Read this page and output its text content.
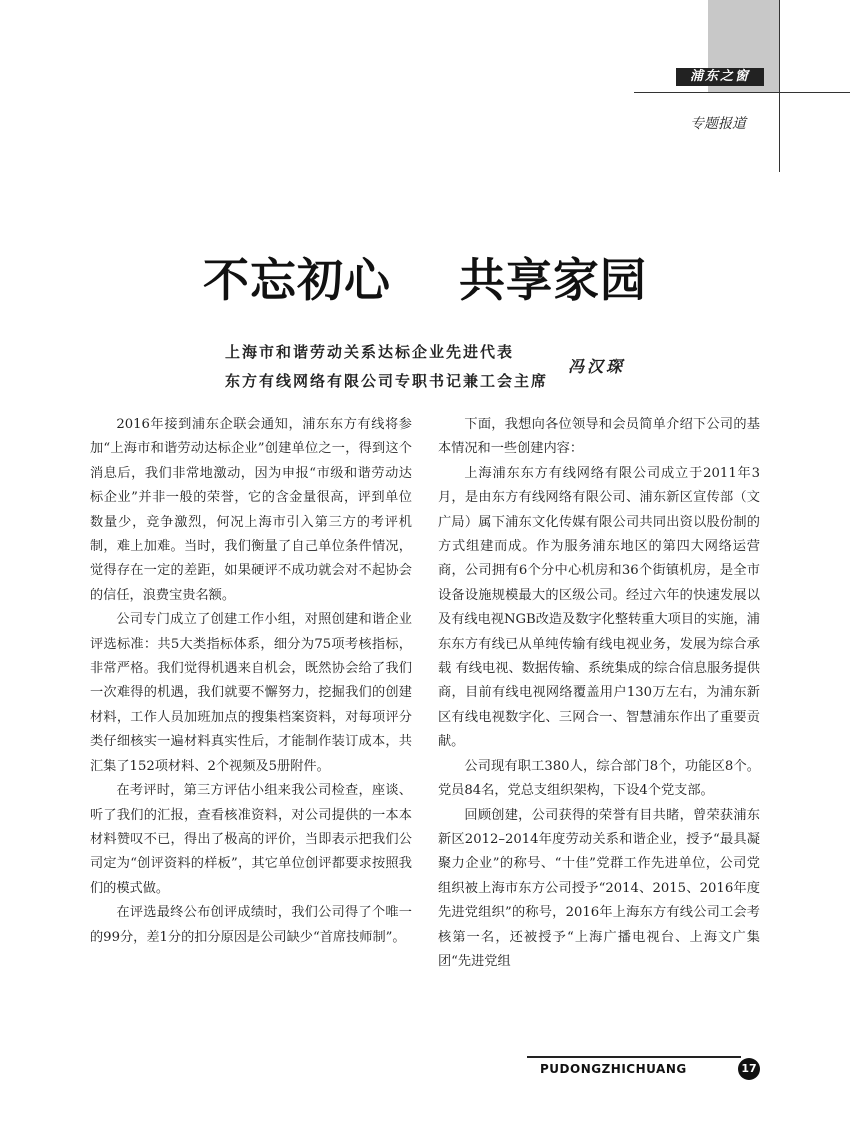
浦东之窗
专题报道
不忘初心    共享家园
上海市和谐劳动关系达标企业先进代表
东方有线网络有限公司专职书记兼工会主席
冯汉琛

2016年接到浦东企联会通知，浦东东方有线将参加“上海市和谐劳动达标企业”创建单位之一，得到这个消息后，我们非常地激动，因为申报“市级和谐劳动达标企业”并非一般的荣誉，它的含金量很高，评到单位数量少，竞争激烈，何况上海市引入第三方的考评机制，难上加难。当时，我们衡量了自己单位条件情况，觉得存在一定的差距，如果硬评不成功就会对不起协会的信任，浪费宝贵名额。

公司专门成立了创建工作小组，对照创建和谐企业评选标准：共5大类指标体系，细分为75项考核指标，非常严格。我们觉得机遇来自机会，既然协会给了我们一次难得的机遇，我们就要不懈努力，挖掘我们的创建材料，工作人员加班加点的搜集档案资料，对每项评分类仔细核实一遍材料真实性后，才能制作装订成本，共汇集了152项材料、2个视频及5册附件。

在考评时，第三方评估小组来我公司检查，座谈、听了我们的汇报，查看核准资料，对公司提供的一本本材料赞叹不已，得出了极高的评价，当即表示把我们公司定为“创评资料的样板”，其它单位创评都要求按照我们的模式做。

在评选最终公布创评成绩时，我们公司得了个唯一的99分，差1分的扣分原因是公司缺少“首席技师制”。

下面，我想向各位领导和会员简单介绍下公司的基本情况和一些创建内容：

上海浦东东方有线网络有限公司成立于2011年3月，是由东方有线网络有限公司、浦东新区宣传部（文广局）属下浦东文化传媒有限公司共同出资以股份制的方式组建而成。作为服务浦东地区的第四大网络运营商，公司拥有6个分中心机房和36个街镇机房，是全市设备设施规模最大的区级公司。经过六年的快速发展以及有线电视NGB改造及数字化整转重大项目的实施，浦东东方有线已从单纯传输有线电视业务，发展为综合承载 有线电视、数据传输、系统集成的综合信息服务提供商，目前有线电视网络覆盖用户130万左右，为浦东新区有线电视数字化、三网合一、智慧浦东作出了重要贡献。

公司现有职工380人，综合部门8个，功能区8个。党员84名，党总支组织架构，下设4个党支部。

回顾创建，公司获得的荣誉有目共睹，曾荣获浦东新区2012–2014年度劳动关系和谐企业，授予“最具凝聚力企业”的称号、“十佳”党群工作先进单位，公司党组织被上海市东方公司授予“2014、2015、2016年度先进党组织”的称号，2016年上海东方有线公司工会考核第一名，还被授予“上海广播电视台、上海文广集团“先进党组

PUDONGZHICHUANG	17
